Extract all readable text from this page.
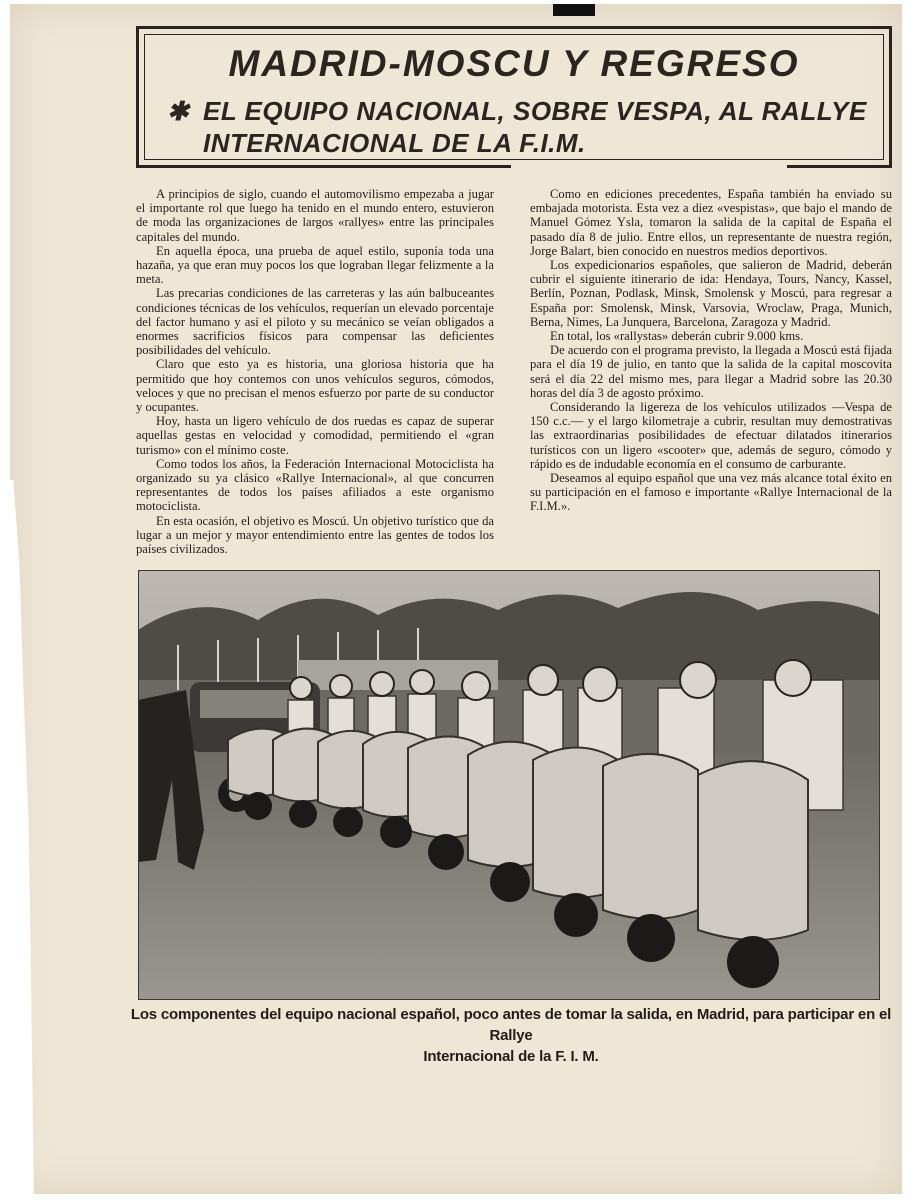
MADRID-MOSCU Y REGRESO
✱ EL EQUIPO NACIONAL, SOBRE VESPA, AL RALLYE
INTERNACIONAL DE LA F.I.M.

A principios de siglo, cuando el automovilismo empezaba a jugar el importante rol que luego ha tenido en el mundo entero, estuvieron de moda las organizaciones de largos «rallyes» entre las principales capitales del mundo.

En aquella época, una prueba de aquel estilo, suponía toda una hazaña, ya que eran muy pocos los que lograban llegar felizmente a la meta.

Las precarias condiciones de las carreteras y las aún balbuceantes condiciones técnicas de los vehículos, requerían un elevado porcentaje del factor humano y así el piloto y su mecánico se veían obligados a enormes sacrificios físicos para compensar las deficientes posibilidades del vehículo.

Claro que esto ya es historia, una gloriosa historia que ha permitido que hoy contemos con unos vehículos seguros, cómodos, veloces y que no precisan el menos esfuerzo por parte de su conductor y ocupantes.

Hoy, hasta un ligero vehículo de dos ruedas es capaz de superar aquellas gestas en velocidad y comodidad, permitiendo el «gran turismo» con el mínimo coste.

Como todos los años, la Federación Internacional Motociclista ha organizado su ya clásico «Rallye Internacional», al que concurren representantes de todos los países afiliados a este organismo motociclista.

En esta ocasión, el objetivo es Moscú. Un objetivo turístico que da lugar a un mejor y mayor entendimiento entre las gentes de todos los países civilizados.

Como en ediciones precedentes, España también ha enviado su embajada motorista. Esta vez a diez «vespistas», que bajo el mando de Manuel Gómez Ysla, tomaron la salida de la capital de España el pasado día 8 de julio. Entre ellos, un representante de nuestra región, Jorge Balart, bien conocido en nuestros medios deportivos.

Los expedicionarios españoles, que salieron de Madrid, deberán cubrir el siguiente itinerario de ida: Hendaya, Tours, Nancy, Kassel, Berlín, Poznan, Podlask, Minsk, Smolensk y Moscú, para regresar a España por: Smolensk, Minsk, Varsovia, Wroclaw, Praga, Munich, Berna, Nimes, La Junquera, Barcelona, Zaragoza y Madrid.

En total, los «rallystas» deberán cubrir 9.000 kms.

De acuerdo con el programa previsto, la llegada a Moscú está fijada para el día 19 de julio, en tanto que la salida de la capital moscovita será el día 22 del mismo mes, para llegar a Madrid sobre las 20.30 horas del día 3 de agosto próximo.

Considerando la ligereza de los vehículos utilizados —Vespa de 150 c.c.— y el largo kilometraje a cubrir, resultan muy demostrativas las extraordinarias posibilidades de efectuar dilatados itinerarios turísticos con un ligero «scooter» que, además de seguro, cómodo y rápido es de indudable economía en el consumo de carburante.

Deseamos al equipo español que una vez más alcance total éxito en su participación en el famoso e importante «Rallye Internacional de la F.I.M.».

Los componentes del equipo nacional español, poco antes de tomar la salida, en Madrid, para participar en el Rallye
Internacional de la F. I. M.
